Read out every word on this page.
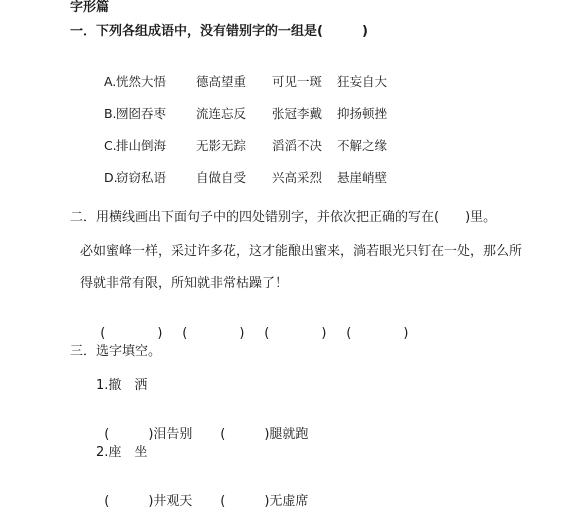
字形篇
一．下列各组成语中，没有错别字的一组是(　　　)

A.恍然大悟 德高望重 可见一斑 狂妄自大

B.囫囵吞枣 流连忘反 张冠李戴 抑扬顿挫

C.排山倒海 无影无踪 滔滔不决 不解之缘

D.窃窃私语 自做自受 兴高采烈 悬崖峭壁

二．用横线画出下面句子中的四处错别字，并依次把正确的写在(　　)里。
必如蜜峰一样，采过许多花，这才能酿出蜜来，淌若眼光只钉在一处，那么所
得就非常有限，所知就非常枯躁了！

(　　　　) (　　　　) (　　　　) (　　　　)

三．选字填空。
1.撤　洒

(　　　)泪告别 (　　　)腿就跑

2.座　坐

(　　　)井观天 (　　　)无虚席
